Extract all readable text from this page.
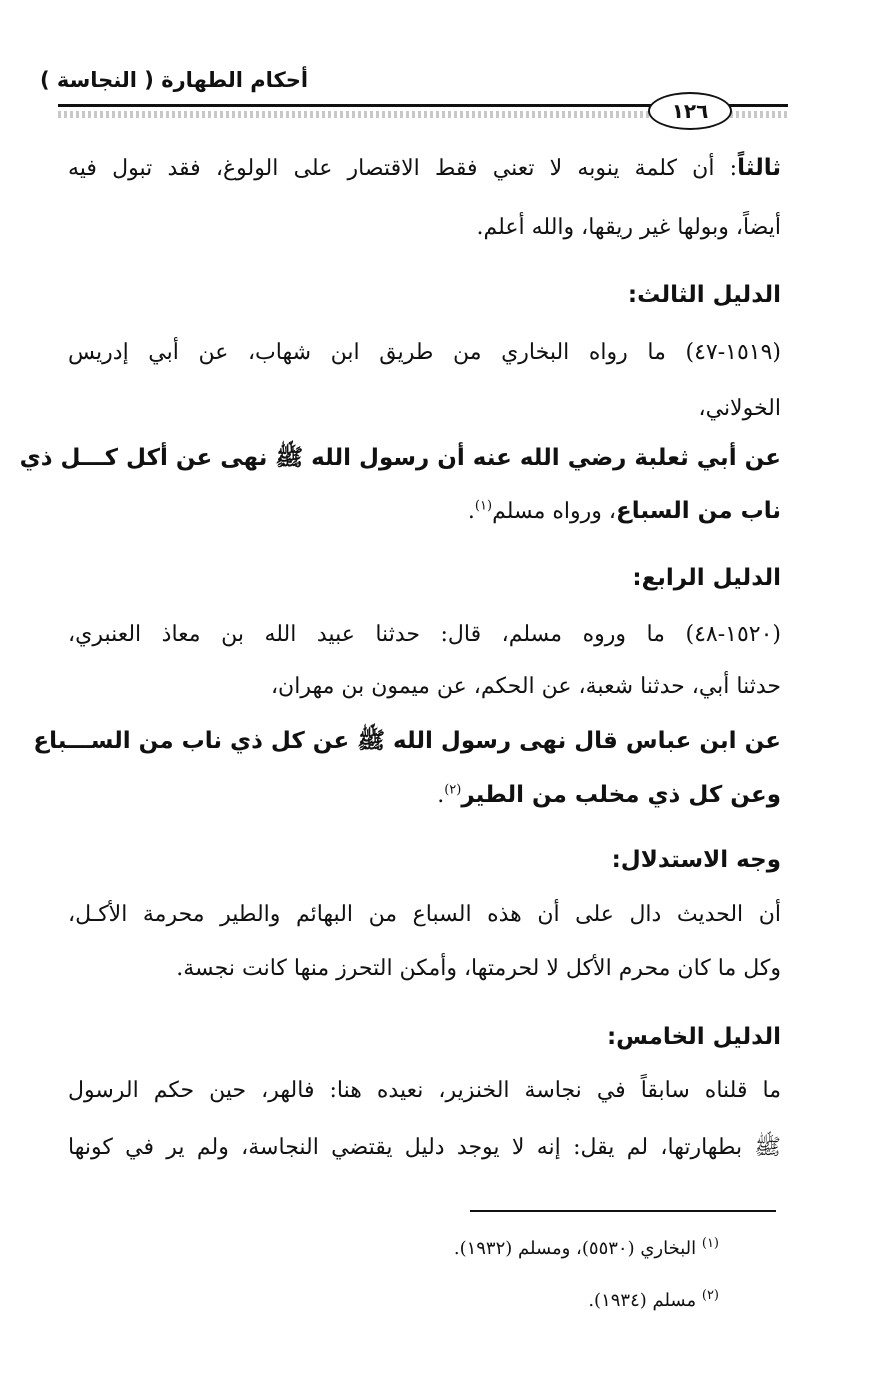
أحكام الطهارة ( النجاسة )
١٢٦
ثالثاً: أن كلمة ينوبه لا تعني فقط الاقتصار على الولوغ، فقد تبول فيه
أيضاً، وبولها غير ريقها، والله أعلم.
الدليل الثالث:
(١٥١٩-٤٧) ما رواه البخاري من طريق ابن شهاب، عن أبي إدريس
الخولاني،
عن أبي ثعلبة رضي الله عنه أن رسول الله ﷺ نهى عن أكل كـــل ذي
ناب من السباع، ورواه مسلم$^{(١)}$.
الدليل الرابع:
(١٥٢٠-٤٨) ما وروه مسلم، قال: حدثنا عبيد الله بن معاذ العنبري،
حدثنا أبي، حدثنا شعبة، عن الحكم، عن ميمون بن مهران،
عن ابن عباس قال نهى رسول الله ﷺ عن كل ذي ناب من الســـباع
وعن كل ذي مخلب من الطير$^{(٢)}$.
وجه الاستدلال:
أن الحديث دال على أن هذه السباع من البهائم والطير محرمة الأكـل،
وكل ما كان محرم الأكل لا لحرمتها، وأمكن التحرز منها كانت نجسة.
الدليل الخامس:
ما قلناه سابقاً في نجاسة الخنزير، نعيده هنا: فالهر، حين حكم الرسول
ﷺ بطهارتها، لم يقل: إنه لا يوجد دليل يقتضي النجاسة، ولم ير في كونها
$^{(١)}$ البخاري (٥٥٣٠)، ومسلم (١٩٣٢).
$^{(٢)}$ مسلم (١٩٣٤).
